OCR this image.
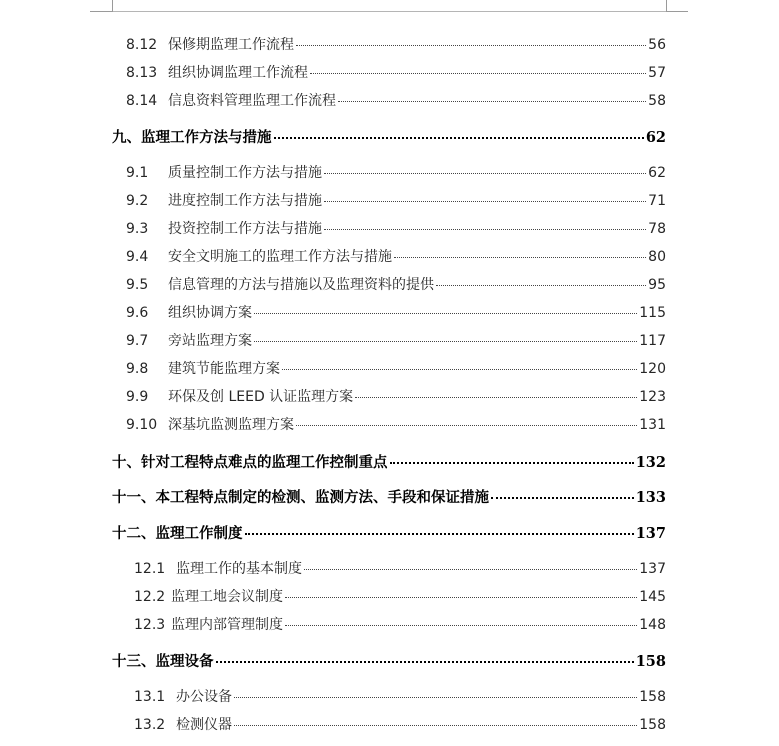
8.12 保修期监理工作流程	56
8.13 组织协调监理工作流程	57
8.14 信息资料管理监理工作流程	58
九、监理工作方法与措施	62
9.1	质量控制工作方法与措施	62
9.2	进度控制工作方法与措施	71
9.3	投资控制工作方法与措施	78
9.4	安全文明施工的监理工作方法与措施	80
9.5	信息管理的方法与措施以及监理资料的提供	95
9.6	组织协调方案	115
9.7	旁站监理方案	117
9.8	建筑节能监理方案	120
9.9	环保及创 LEED 认证监理方案	123
9.10 深基坑监测监理方案	131
十、针对工程特点难点的监理工作控制重点	132
十一、本工程特点制定的检测、监测方法、手段和保证措施	133
十二、监理工作制度	137
12.1 监理工作的基本制度	137
12.2 监理工地会议制度	145
12.3 监理内部管理制度	148
十三、监理设备	158
13.1 办公设备	158
13.2 检测仪器	158
